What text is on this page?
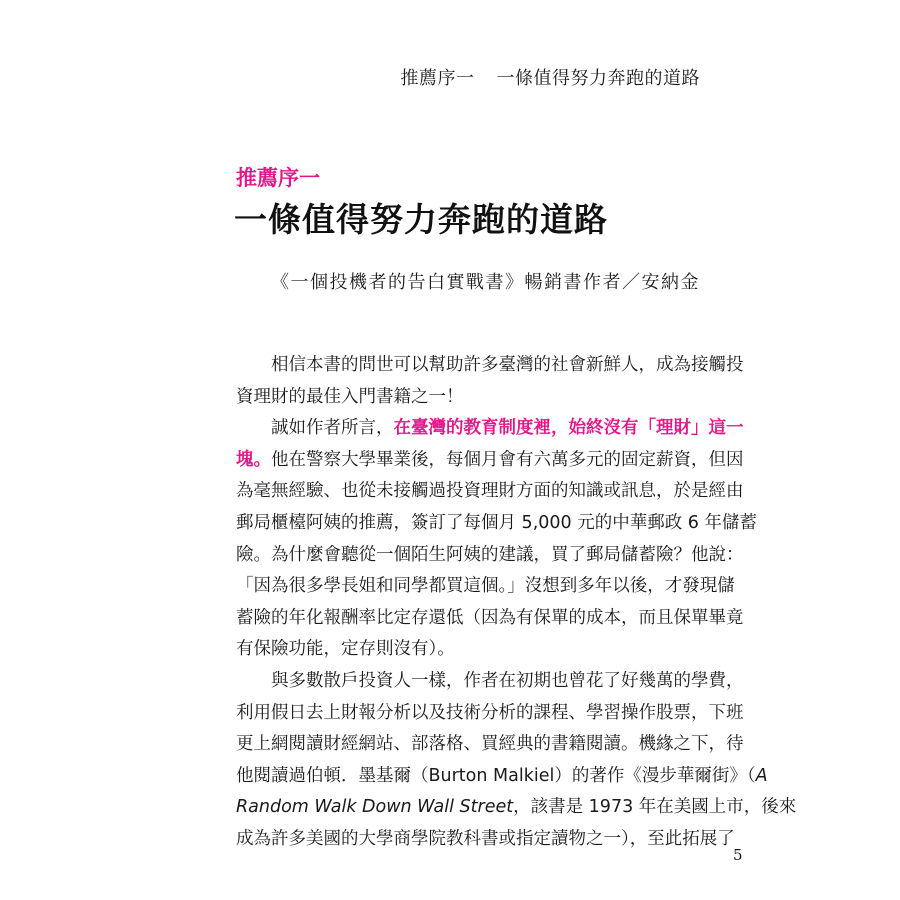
推薦序一 一條值得努力奔跑的道路
推薦序一
一條值得努力奔跑的道路
《一個投機者的告白實戰書》暢銷書作者／安納金
相信本書的問世可以幫助許多臺灣的社會新鮮人，成為接觸投
資理財的最佳入門書籍之一！
誠如作者所言，在臺灣的教育制度裡，始終沒有「理財」這一
塊。他在警察大學畢業後，每個月會有六萬多元的固定薪資，但因
為毫無經驗、也從未接觸過投資理財方面的知識或訊息，於是經由
郵局櫃檯阿姨的推薦，簽訂了每個月 5,000 元的中華郵政 6 年儲蓄
險。為什麼會聽從一個陌生阿姨的建議，買了郵局儲蓄險？他說：
「因為很多學長姐和同學都買這個。」沒想到多年以後，才發現儲
蓄險的年化報酬率比定存還低（因為有保單的成本，而且保單畢竟
有保險功能，定存則沒有）。
與多數散戶投資人一樣，作者在初期也曾花了好幾萬的學費，
利用假日去上財報分析以及技術分析的課程、學習操作股票，下班
更上網閱讀財經網站、部落格、買經典的書籍閱讀。機緣之下，待
他閱讀過伯頓．墨基爾（Burton Malkiel）的著作《漫步華爾街》（A
Random Walk Down Wall Street，該書是 1973 年在美國上市，後來
成為許多美國的大學商學院教科書或指定讀物之一），至此拓展了
5
